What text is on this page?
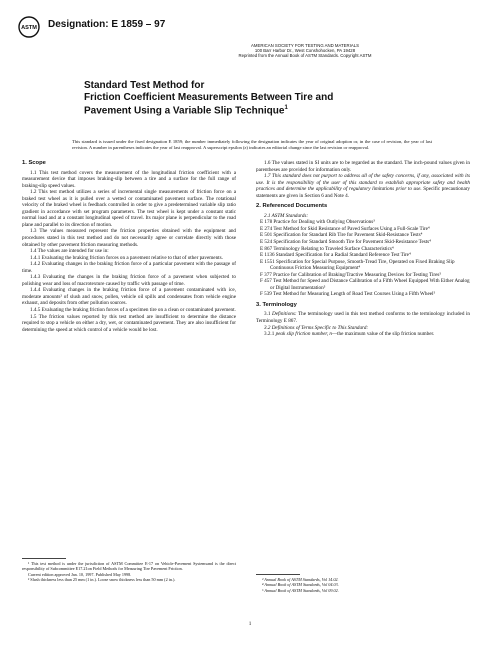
ASTM Designation: E 1859 – 97
AMERICAN SOCIETY FOR TESTING AND MATERIALS
100 Barr Harbor Dr., West Conshohocken, PA 19428
Reprinted from the Annual Book of ASTM Standards. Copyright ASTM
Standard Test Method for
Friction Coefficient Measurements Between Tire and
Pavement Using a Variable Slip Technique$^1$
This standard is issued under the fixed designation E 1859; the number immediately following the designation indicates the year of original adoption or, in the case of revision, the year of last revision. A number in parentheses indicates the year of last reapproval. A superscript epsilon (ε) indicates an editorial change since the last revision or reapproval.
1. Scope

1.1 This test method covers the measurement of the longitudinal friction coefficient with a measurement device that imposes braking-slip between a tire and a surface for the full range of braking-slip speed values.

1.2 This test method utilizes a series of incremental single measurements of friction force on a braked test wheel as it is pulled over a wetted or contaminated pavement surface. The rotational velocity of the braked wheel is feedback controlled in order to give a predetermined variable slip ratio gradient in accordance with set program parameters. The test wheel is kept under a constant static normal load and at a constant longitudinal speed of travel. Its major plane is perpendicular to the road plane and parallel to its direction of motion.

1.3 The values measured represent the friction properties obtained with the equipment and procedures stated in this test method and do not necessarily agree or correlate directly with those obtained by other pavement friction measuring methods.

1.4 The values are intended for use in:

1.4.1 Evaluating the braking friction forces on a pavement relative to that of other pavements.

1.4.2 Evaluating changes in the braking friction force of a particular pavement with the passage of time.

1.4.3 Evaluating the changes in the braking friction force of a pavement when subjected to polishing wear and loss of macrotexture caused by traffic with passage of time.

1.4.4 Evaluating changes in the braking friction force of a pavement contaminated with ice, moderate amounts² of slush and snow, pollen, vehicle oil spills and condensates from vehicle engine exhaust, and deposits from other pollution sources.

1.4.5 Evaluating the braking friction forces of a specimen tire on a clean or contaminated pavement.

1.5 The friction values reported by this test method are insufficient to determine the distance required to stop a vehicle on either a dry, wet, or contaminated pavement. They are also insufficient for determining the speed at which control of a vehicle would be lost.

¹ This test method is under the jurisdiction of ASTM Committee E-17 on Vehicle-Pavement Systemsand is the direct responsibility of Subcommittee E17.21on Field Methods for Measuring Tire Pavement Friction.

Current edition approved Jan. 10, 1997. Published May 1998.

² Slush thickness less than 25 mm (1 in.). Loose snow thickness less than 50 mm (2 in.).

1.6 The values stated in SI units are to be regarded as the standard. The inch-pound values given in parentheses are provided for information only.

1.7 This standard does not purport to address all of the safety concerns, if any, associated with its use. It is the responsibility of the user of this standard to establish appropriate safety and health practices and determine the applicability of regulatory limitations prior to use. Specific precautionary statements are given in Section 6 and Note 4.

2. Referenced Documents

2.1 ASTM Standards:

E 178 Practice for Dealing with Outlying Observations³

E 274 Test Method for Skid Resistance of Paved Surfaces Using a Full-Scale Tire⁴

E 501 Specification for Standard Rib Tire for Pavement Skid-Resistance Tests⁴

E 524 Specification for Standard Smooth Tire for Pavement Skid-Resistance Tests⁴

E 867 Terminology Relating to Traveled Surface Characteristics⁴

E 1136 Standard Specification for a Radial Standard Reference Test Tire⁴

E 1551 Specification for Special Purpose, Smooth-Tread Tire, Operated on Fixed Braking Slip Continuous Friction Measuring Equipment⁴

F 377 Practice for Calibration of Braking/Tractive Measuring Devices for Testing Tires⁵

F 457 Test Method for Speed and Distance Calibration of a Fifth Wheel Equipped With Either Analog or Digital Instrumentation⁵

F 539 Test Method for Measuring Length of Road Test Courses Using a Fifth Wheel⁵

3. Terminology

3.1 Definitions: The terminology used in this test method conforms to the terminology included in Terminology E 867.

3.2 Definitions of Terms Specific to This Standard:

3.2.1 peak slip friction number, n—the maximum value of the slip friction number.

³ Annual Book of ASTM Standards, Vol 14.02.

⁴ Annual Book of ASTM Standards, Vol 04.03.

⁵ Annual Book of ASTM Standards, Vol 09.02.

1
